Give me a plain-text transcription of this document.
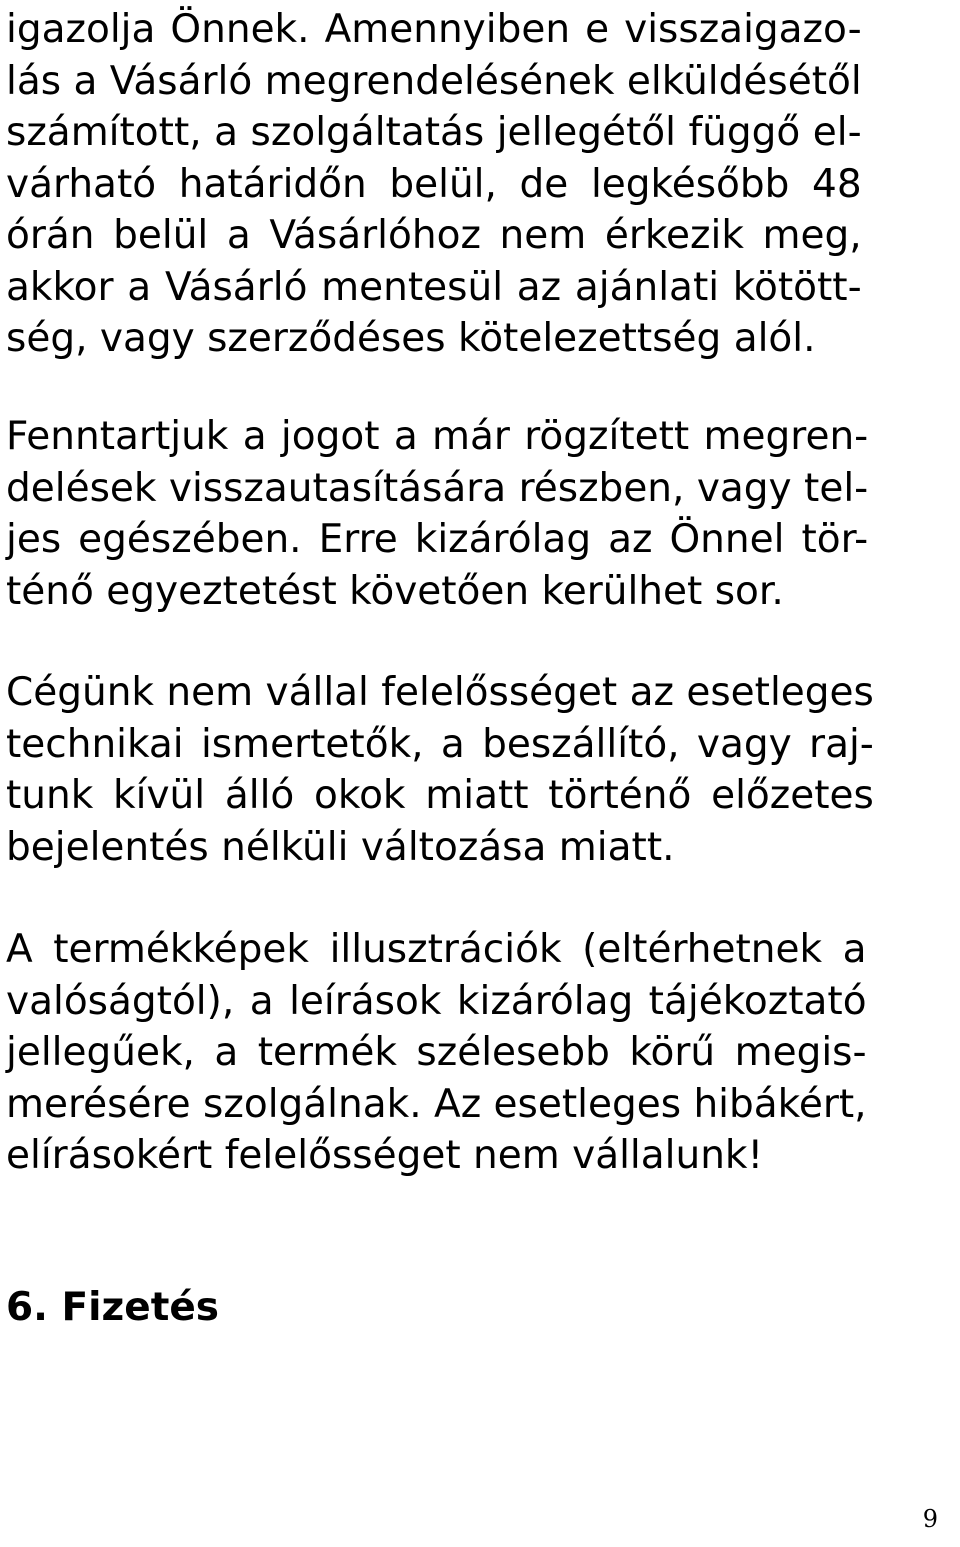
igazolja Önnek. Amennyiben e visszaigazo-
lás a Vásárló megrendelésének elküldésétől
számított, a szolgáltatás jellegétől függő el-
várható határidőn belül, de legkésőbb 48
órán belül a Vásárlóhoz nem érkezik meg,
akkor a Vásárló mentesül az ajánlati kötött-
ség, vagy szerződéses kötelezettség alól.

Fenntartjuk a jogot a már rögzített megren-
delések visszautasítására részben, vagy tel-
jes egészében. Erre kizárólag az Önnel tör-
ténő egyeztetést követően kerülhet sor.

Cégünk nem vállal felelősséget az esetleges
technikai ismertetők, a beszállító, vagy raj-
tunk kívül álló okok miatt történő előzetes
bejelentés nélküli változása miatt.

A termékképek illusztrációk (eltérhetnek a
valóságtól), a leírások kizárólag tájékoztató
jellegűek, a termék szélesebb körű megis-
merésére szolgálnak. Az esetleges hibákért,
elírásokért felelősséget nem vállalunk!

6. Fizetés
9
